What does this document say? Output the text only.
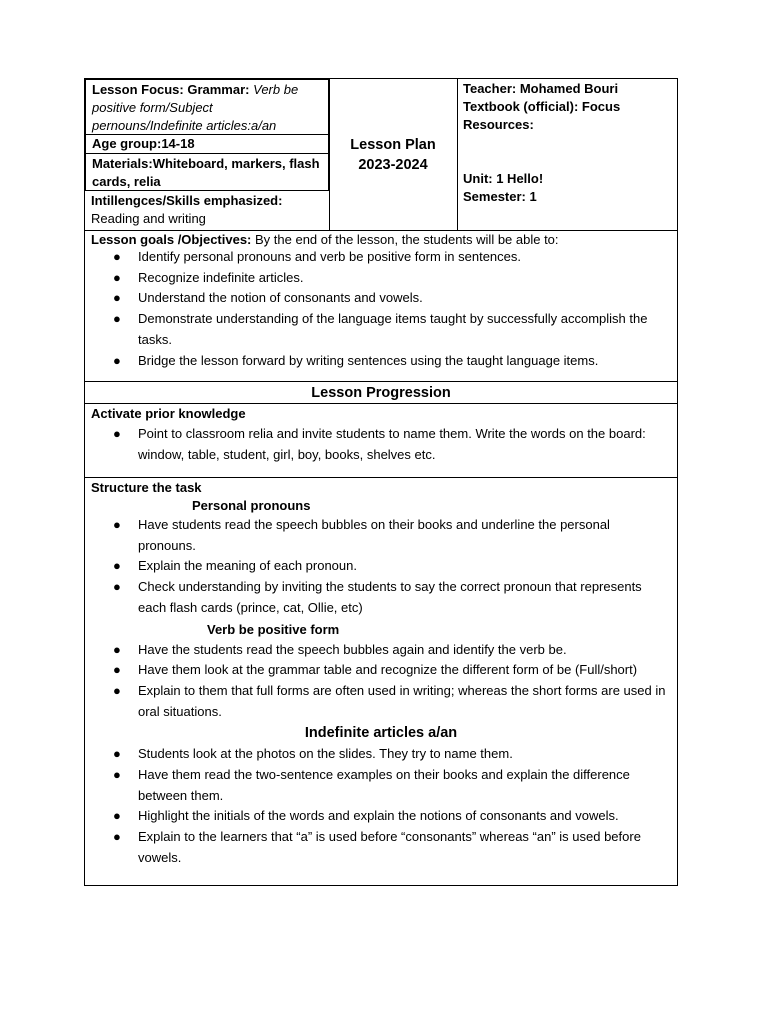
Lesson Focus: Grammar: Verb be positive form/Subject pernouns/Indefinite articles:a/an
Age group:14-18
Materials:Whiteboard, markers, flash cards, relia
Intillengces/Skills emphasized:
Reading and writing
Lesson Plan
2023-2024
Teacher: Mohamed Bouri
Textbook (official): Focus
Resources:
Unit: 1 Hello!
Semester: 1
Lesson goals /Objectives: By the end of the lesson, the students will be able to:
● Identify personal pronouns and verb be positive form in sentences.
● Recognize indefinite articles.
● Understand the notion of consonants and vowels.
● Demonstrate understanding of the language items taught by successfully accomplish the tasks.
● Bridge the lesson forward by writing sentences using the taught language items.
Lesson Progression
Activate prior knowledge
● Point to classroom relia and invite students to name them. Write the words on the board: window, table, student, girl, boy, books, shelves etc.
Structure the task
Personal pronouns
● Have students read the speech bubbles on their books and underline the personal pronouns.
● Explain the meaning of each pronoun.
● Check understanding by inviting the students to say the correct pronoun that represents each flash cards (prince, cat, Ollie, etc)
Verb be positive form
● Have the students read the speech bubbles again and identify the verb be.
● Have them look at the grammar table and recognize the different form of be (Full/short)
● Explain to them that full forms are often used in writing; whereas the short forms are used in oral situations.
Indefinite articles a/an
● Students look at the photos on the slides. They try to name them.
● Have them read the two-sentence examples on their books and explain the difference between them.
● Highlight the initials of the words and explain the notions of consonants and vowels.
● Explain to the learners that “a” is used before “consonants” whereas “an” is used before vowels.
